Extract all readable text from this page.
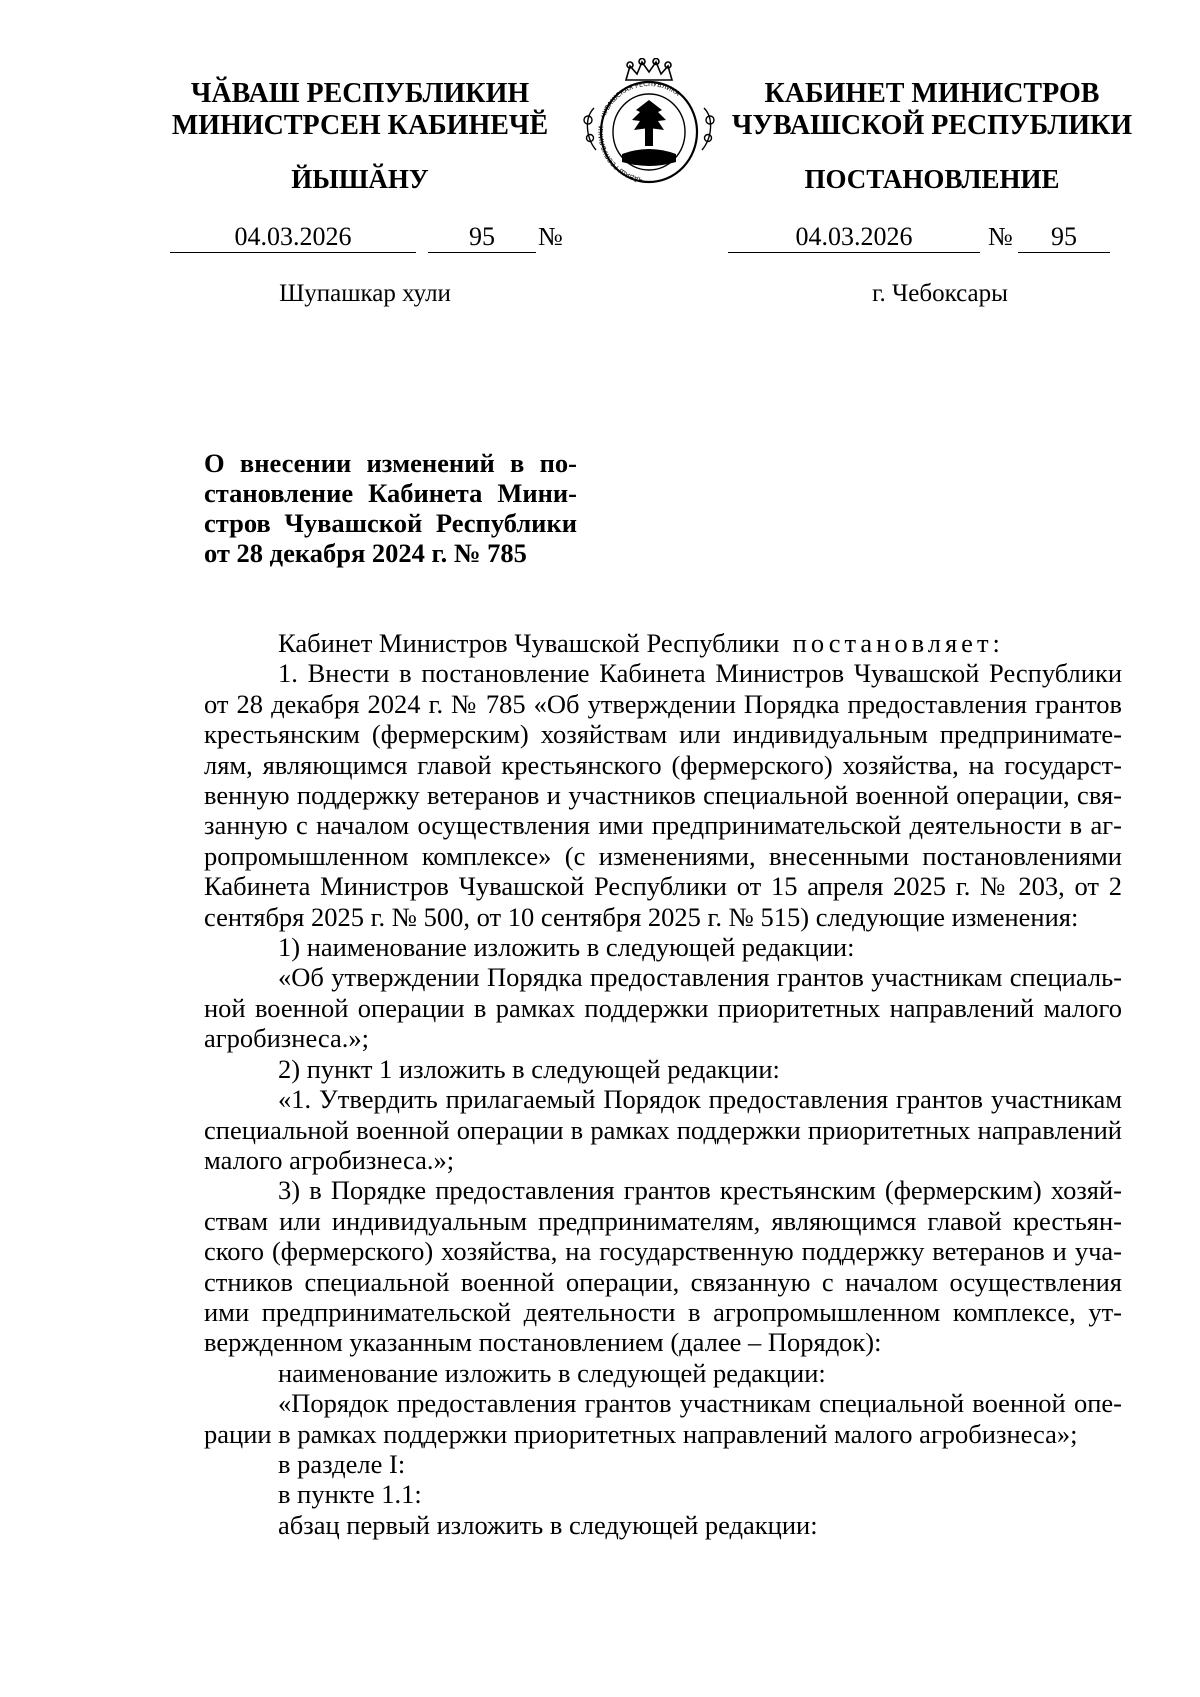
ЧӐВАШ РЕСПУБЛИКИН
МИНИСТРСЕН КАБИНЕЧӖ
ЙЫШӐНУ
04.03.2026	95	№
Шупашкар хули
ЧӐВАШ РЕСПУБЛИКИ • ЧУВАШСКАЯ РЕСПУБЛИКА	КАБИНЕТ МИНИСТРОВ
ЧУВАШСКОЙ РЕСПУБЛИКИ
ПОСТАНОВЛЕНИЕ
04.03.2026	№	95
г. Чебоксары
О внесении изменений в постановление Кабинета Министров Чувашской Республики от 28 декабря 2024 г. № 785

Кабинет Министров Чувашской Республики постановляет:

1. Внести в постановление Кабинета Министров Чувашской Республики от 28 декабря 2024 г. № 785 «Об утверждении Порядка предоставления грантов крестьянским (фермерским) хозяйствам или индивидуальным предпринимателям, являющимся главой крестьянского (фермерского) хозяйства, на государственную поддержку ветеранов и участников специальной военной операции, связанную с началом осуществления ими предпринимательской деятельности в агропромышленном комплексе» (с изменениями, внесенными постановлениями Кабинета Министров Чувашской Республики от 15 апреля 2025 г. № 203, от 2 сентября 2025 г. № 500, от 10 сентября 2025 г. № 515) следующие изменения:

1) наименование изложить в следующей редакции:

«Об утверждении Порядка предоставления грантов участникам специальной военной операции в рамках поддержки приоритетных направлений малого агробизнеса.»;

2) пункт 1 изложить в следующей редакции:

«1. Утвердить прилагаемый Порядок предоставления грантов участникам специальной военной операции в рамках поддержки приоритетных направлений малого агробизнеса.»;

3) в Порядке предоставления грантов крестьянским (фермерским) хозяйствам или индивидуальным предпринимателям, являющимся главой крестьянского (фермерского) хозяйства, на государственную поддержку ветеранов и участников специальной военной операции, связанную с началом осуществления ими предпринимательской деятельности в агропромышленном комплексе, утвержденном указанным постановлением (далее – Порядок):

наименование изложить в следующей редакции:

«Порядок предоставления грантов участникам специальной военной операции в рамках поддержки приоритетных направлений малого агробизнеса»;

в разделе I:

в пункте 1.1:

абзац первый изложить в следующей редакции:
